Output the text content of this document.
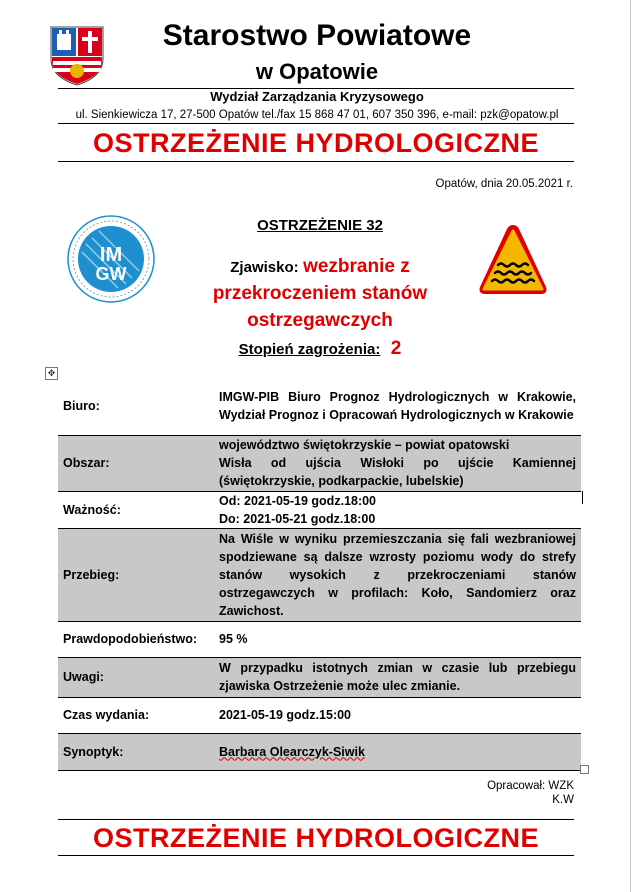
Starostwo Powiatowe
w Opatowie
Wydział Zarządzania Kryzysowego
ul. Sienkiewicza 17, 27-500 Opatów tel./fax 15 868 47 01, 607 350 396, e-mail: pzk@opatow.pl
OSTRZEŻENIE HYDROLOGICZNE
Opatów, dnia 20.05.2021 r.
IM
GW
OSTRZEŻENIE 32
Zjawisko: wezbranie z
przekroczeniem stanów
ostrzegawczych
Stopień zagrożenia: 2
✥
Biuro:	IMGW-PIB Biuro Prognoz Hydrologicznych w Krakowie, Wydział Prognoz i Opracowań Hydrologicznych w Krakowie

Obszar:	województwo świętokrzyskie – powiat opatowski
Wisła od ujścia Wisłoki po ujście Kamiennej (świętokrzyskie, podkarpackie, lubelskie)

Ważność:	Od: 2021-05-19 godz.18:00
Do: 2021-05-21 godz.18:00

Przebieg:	Na Wiśle w wyniku przemieszczania się fali wezbraniowej spodziewane są dalsze wzrosty poziomu wody do strefy stanów wysokich z przekroczeniami stanów ostrzegawczych w profilach: Koło, Sandomierz oraz Zawichost.

Prawdopodobieństwo:	95 %

Uwagi:	W przypadku istotnych zmian w czasie lub przebiegu zjawiska Ostrzeżenie może ulec zmianie.

Czas wydania:	2021-05-19 godz.15:00

Synoptyk:	Barbara Olearczyk-Siwik
Opracował: WZK
K.W
OSTRZEŻENIE HYDROLOGICZNE
